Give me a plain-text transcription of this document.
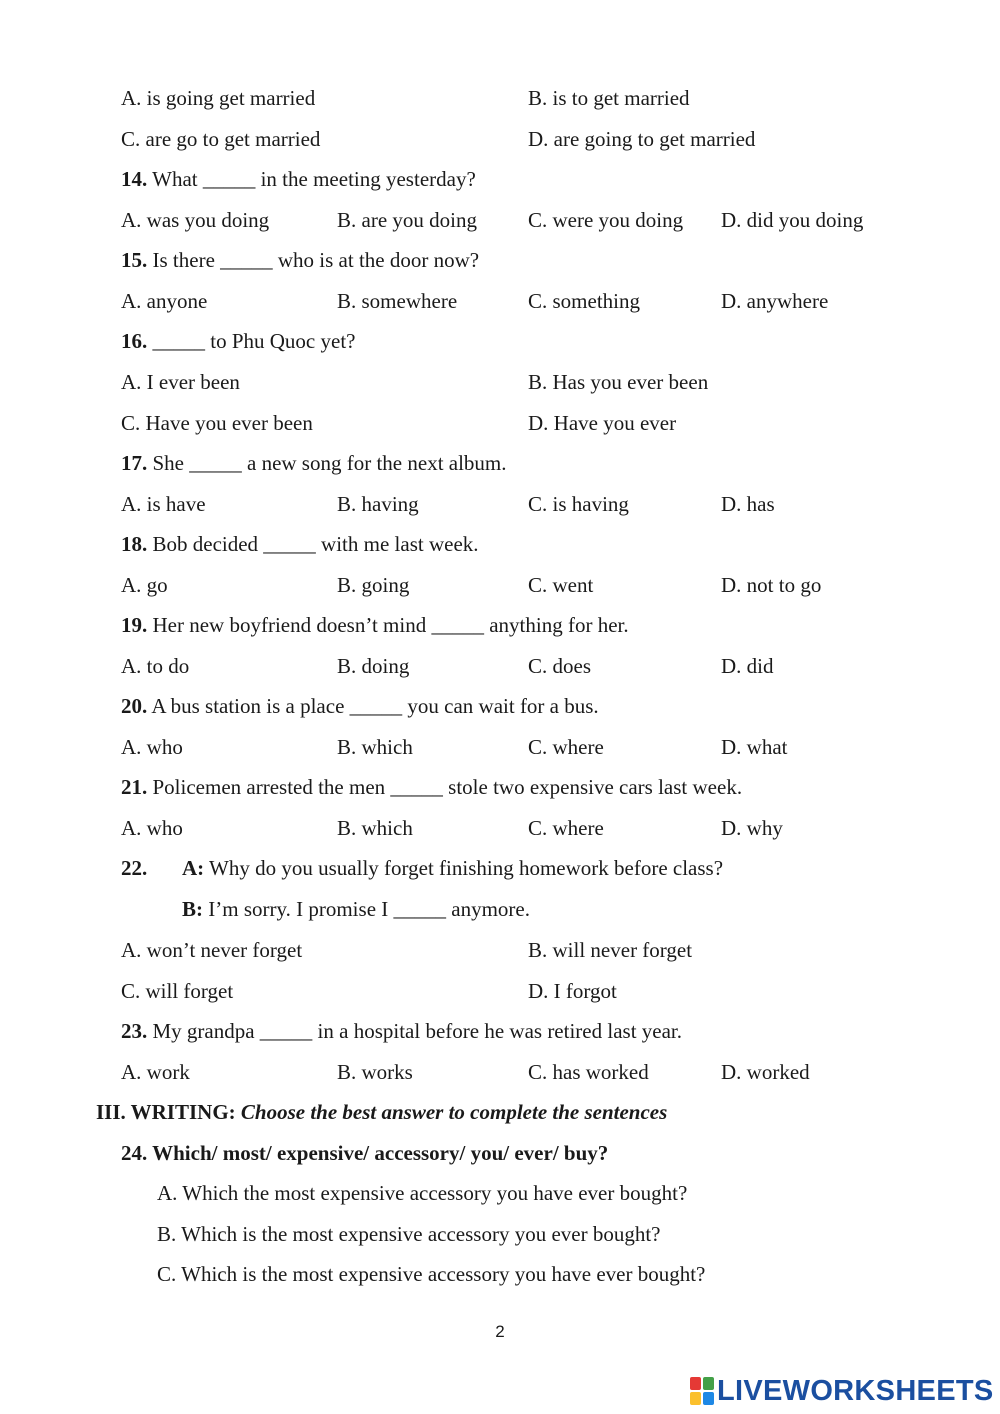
A. is going get married	B. is to get married
C. are go to get married	D. are going to get married
14. What _____ in the meeting yesterday?
A. was you doing	B. are you doing C. were you doing D. did you doing
15. Is there _____ who is at the door now?
A. anyone	B. somewhere	C. something	D. anywhere
16. _____ to Phu Quoc yet?
A. I ever been	B. Has you ever been
C. Have you ever been	D. Have you ever
17. She _____ a new song for the next album.
A. is have	B. having	C. is having	D. has
18. Bob decided _____ with me last week.
A. go	B. going	C. went	D. not to go
19. Her new boyfriend doesn’t mind _____ anything for her.
A. to do	B. doing	C. does	D. did
20. A bus station is a place _____ you can wait for a bus.
A. who	B. which	C. where	D. what
21. Policemen arrested the men _____ stole two expensive cars last week.
A. who	B. which	C. where	D. why
22. A: Why do you usually forget finishing homework before class?
B: I’m sorry. I promise I _____ anymore.
A. won’t never forget	B. will never forget
C. will forget	D. I forgot
23. My grandpa _____ in a hospital before he was retired last year.
A. work	B. works	C. has worked	D. worked
III. WRITING: Choose the best answer to complete the sentences
24. Which/ most/ expensive/ accessory/ you/ ever/ buy?
A. Which the most expensive accessory you have ever bought?
B. Which is the most expensive accessory you ever bought?
C. Which is the most expensive accessory you have ever bought?
2
LIVEWORKSHEETS
